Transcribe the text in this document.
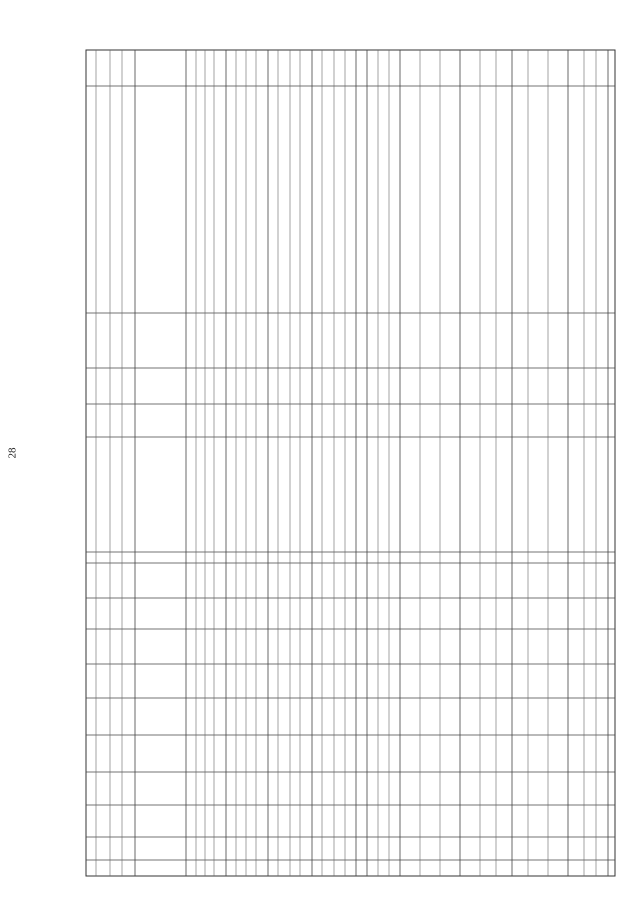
28
